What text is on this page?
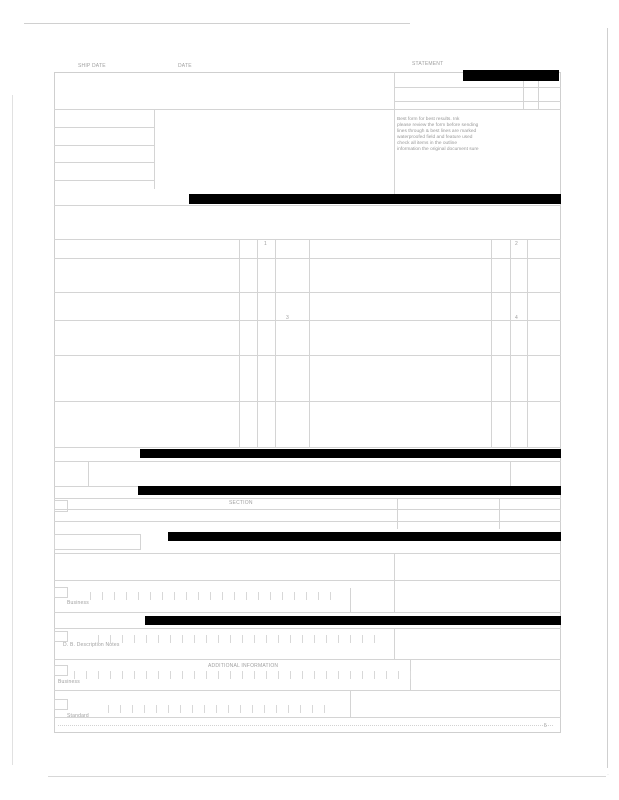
SHIP DATE	DATE	STATEMENT
Best form for best results. Ink
please review the form before sending
lines through & best lines are marked
waterproofed field and feature used
check all items in the outline
information the original document sure
1	2
3	4
SECTION
Business
D. B. Description Notes
ADDITIONAL INFORMATION
Business
Standard
5
·
